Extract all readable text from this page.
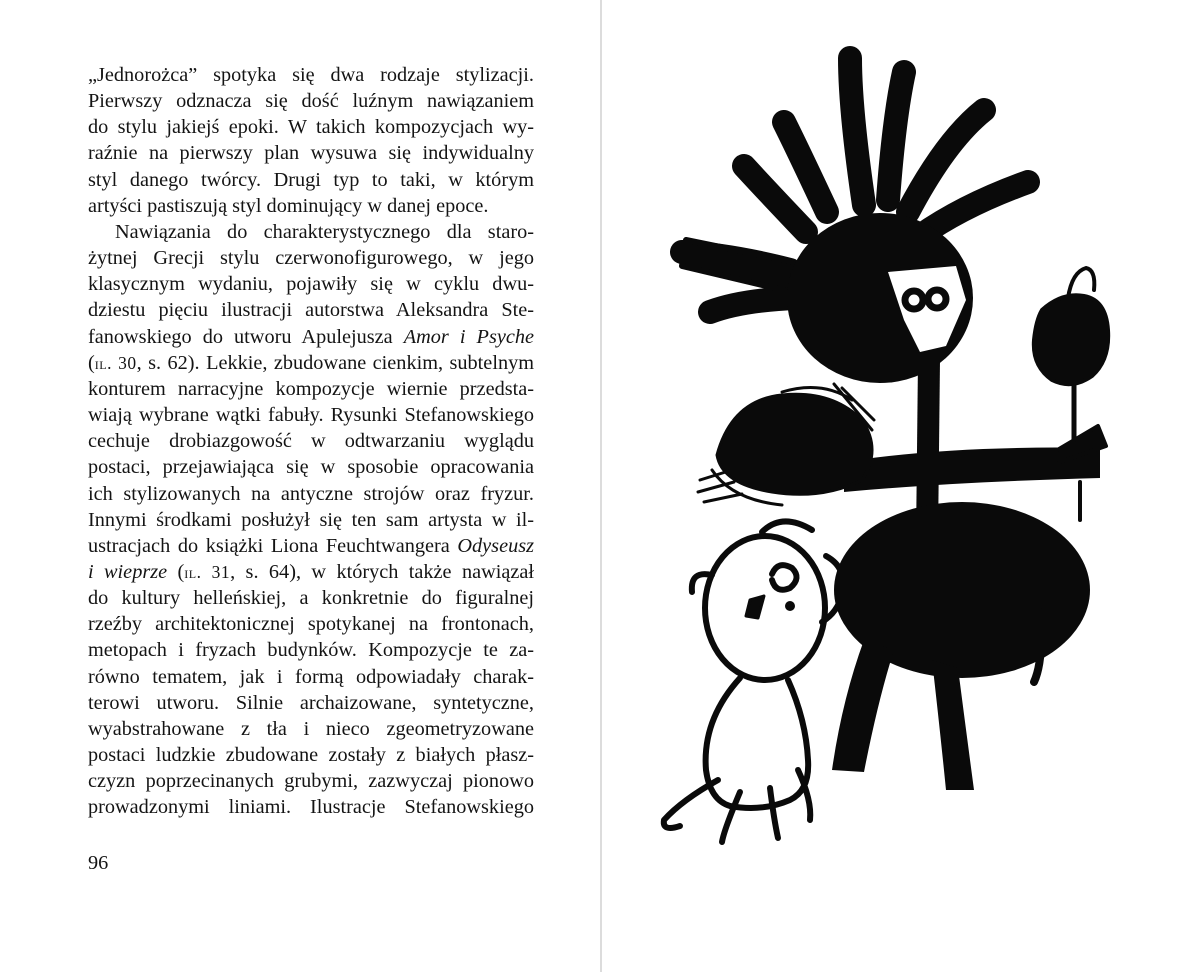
„Jednorożca” spotyka się dwa rodzaje stylizacji.
Pierwszy odznacza się dość luźnym nawiązaniem
do stylu jakiejś epoki. W takich kompozycjach wy-
raźnie na pierwszy plan wysuwa się indywidualny
styl danego twórcy. Drugi typ to taki, w którym
artyści pastiszują styl dominujący w danej epoce.
Nawiązania do charakterystycznego dla staro-
żytnej Grecji stylu czerwonofigurowego, w jego
klasycznym wydaniu, pojawiły się w cyklu dwu-
dziestu pięciu ilustracji autorstwa Aleksandra Ste-
fanowskiego do utworu Apulejusza Amor i Psyche
(il. 30, s. 62). Lekkie, zbudowane cienkim, subtelnym
konturem narracyjne kompozycje wiernie przedsta-
wiają wybrane wątki fabuły. Rysunki Stefanowskiego
cechuje drobiazgowość w odtwarzaniu wyglądu
postaci, przejawiająca się w sposobie opracowania
ich stylizowanych na antyczne strojów oraz fryzur.
Innymi środkami posłużył się ten sam artysta w il-
ustracjach do książki Liona Feuchtwangera Odyseusz
i wieprze (il. 31, s. 64), w których także nawiązał
do kultury helleńskiej, a konkretnie do figuralnej
rzeźby architektonicznej spotykanej na frontonach,
metopach i fryzach budynków. Kompozycje te za-
równo tematem, jak i formą odpowiadały charak-
terowi utworu. Silnie archaizowane, syntetyczne,
wyabstrahowane z tła i nieco zgeometryzowane
postaci ludzkie zbudowane zostały z białych płasz-
czyzn poprzecinanych grubymi, zazwyczaj pionowo
prowadzonymi liniami. Ilustracje Stefanowskiego
96
